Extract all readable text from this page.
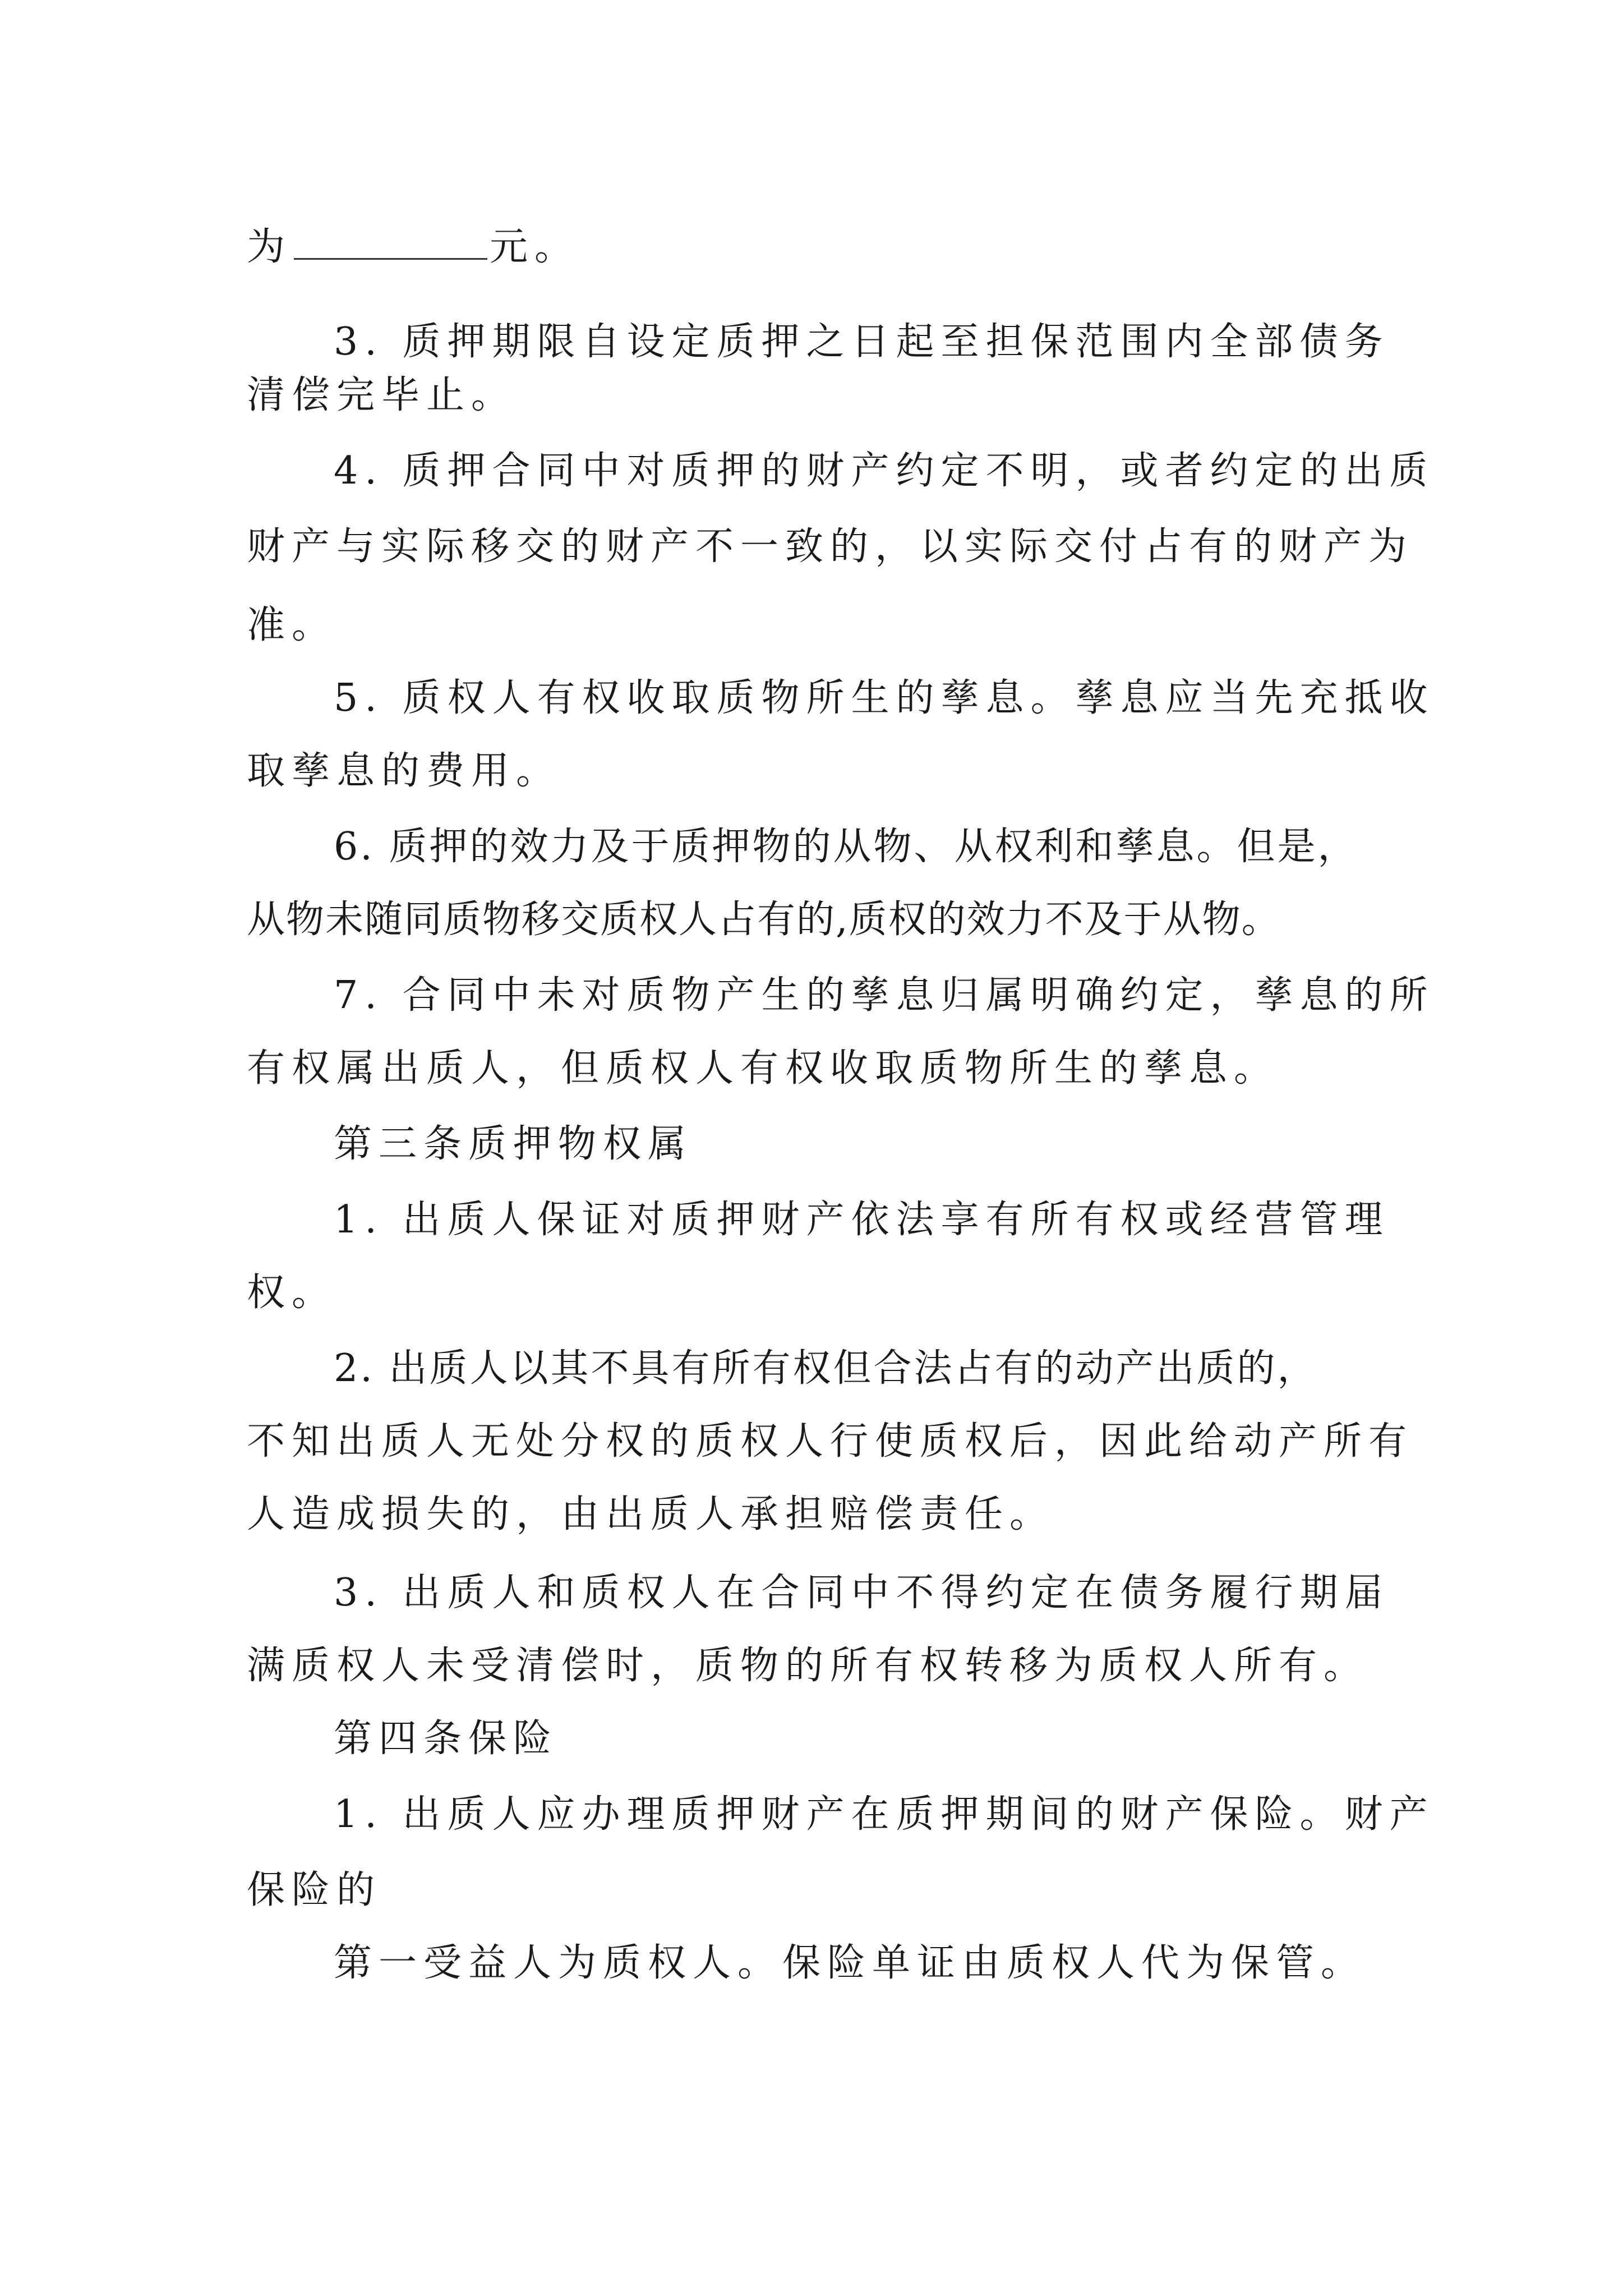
为	元。

3. 质押期限自设定质押之日起至担保范围内全部债务

清偿完毕止。

4. 质押合同中对质押的财产约定不明，或者约定的出质

财产与实际移交的财产不一致的，以实际交付占有的财产为

准。

5. 质权人有权收取质物所生的孳息。孳息应当先充抵收

取孳息的费用。

6. 质押的效力及于质押物的从物、从权利和孳息。但是，

从物未随同质物移交质权人占有的,质权的效力不及于从物。

7. 合同中未对质物产生的孳息归属明确约定，孳息的所

有权属出质人，但质权人有权收取质物所生的孳息。

第三条质押物权属

1. 出质人保证对质押财产依法享有所有权或经营管理

权。

2. 出质人以其不具有所有权但合法占有的动产出质的，

不知出质人无处分权的质权人行使质权后，因此给动产所有

人造成损失的，由出质人承担赔偿责任。

3. 出质人和质权人在合同中不得约定在债务履行期届

满质权人未受清偿时，质物的所有权转移为质权人所有。

第四条保险

1. 出质人应办理质押财产在质押期间的财产保险。财产

保险的

第一受益人为质权人。保险单证由质权人代为保管。
